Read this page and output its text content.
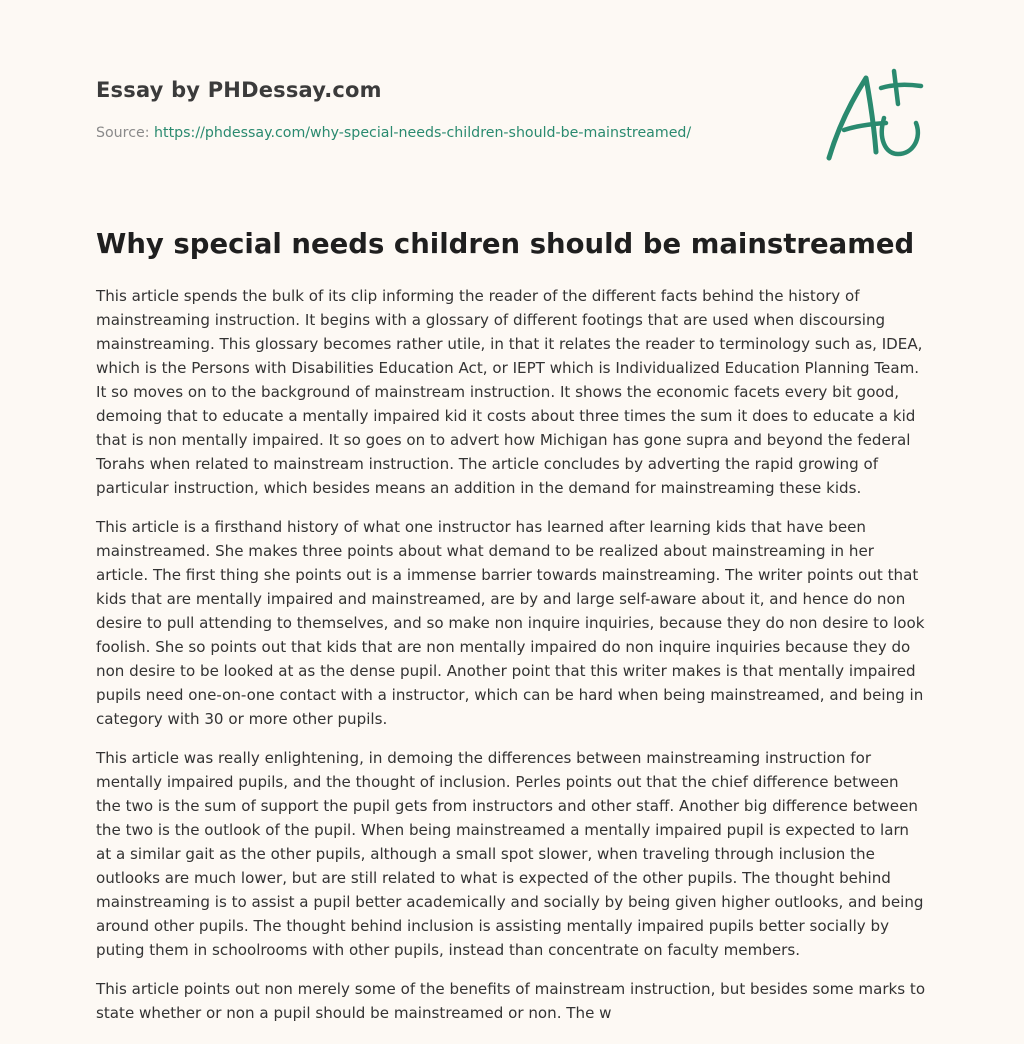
Essay by PHDessay.com
Source: https://phdessay.com/why-special-needs-children-should-be-mainstreamed/
Why special needs children should be mainstreamed

This article spends the bulk of its clip informing the reader of the different facts behind the history of mainstreaming instruction. It begins with a glossary of different footings that are used when discoursing mainstreaming. This glossary becomes rather utile, in that it relates the reader to terminology such as, IDEA, which is the Persons with Disabilities Education Act, or IEPT which is Individualized Education Planning Team. It so moves on to the background of mainstream instruction. It shows the economic facets every bit good, demoing that to educate a mentally impaired kid it costs about three times the sum it does to educate a kid that is non mentally impaired. It so goes on to advert how Michigan has gone supra and beyond the federal Torahs when related to mainstream instruction. The article concludes by adverting the rapid growing of particular instruction, which besides means an addition in the demand for mainstreaming these kids.

This article is a firsthand history of what one instructor has learned after learning kids that have been mainstreamed. She makes three points about what demand to be realized about mainstreaming in her article. The first thing she points out is a immense barrier towards mainstreaming. The writer points out that kids that are mentally impaired and mainstreamed, are by and large self-aware about it, and hence do non desire to pull attending to themselves, and so make non inquire inquiries, because they do non desire to look foolish. She so points out that kids that are non mentally impaired do non inquire inquiries because they do non desire to be looked at as the dense pupil. Another point that this writer makes is that mentally impaired pupils need one-on-one contact with a instructor, which can be hard when being mainstreamed, and being in category with 30 or more other pupils.

This article was really enlightening, in demoing the differences between mainstreaming instruction for mentally impaired pupils, and the thought of inclusion. Perles points out that the chief difference between the two is the sum of support the pupil gets from instructors and other staff. Another big difference between the two is the outlook of the pupil. When being mainstreamed a mentally impaired pupil is expected to larn at a similar gait as the other pupils, although a small spot slower, when traveling through inclusion the outlooks are much lower, but are still related to what is expected of the other pupils. The thought behind mainstreaming is to assist a pupil better academically and socially by being given higher outlooks, and being around other pupils. The thought behind inclusion is assisting mentally impaired pupils better socially by puting them in schoolrooms with other pupils, instead than concentrate on faculty members.

This article points out non merely some of the benefits of mainstream instruction, but besides some marks to state whether or non a pupil should be mainstreamed or non. The w
